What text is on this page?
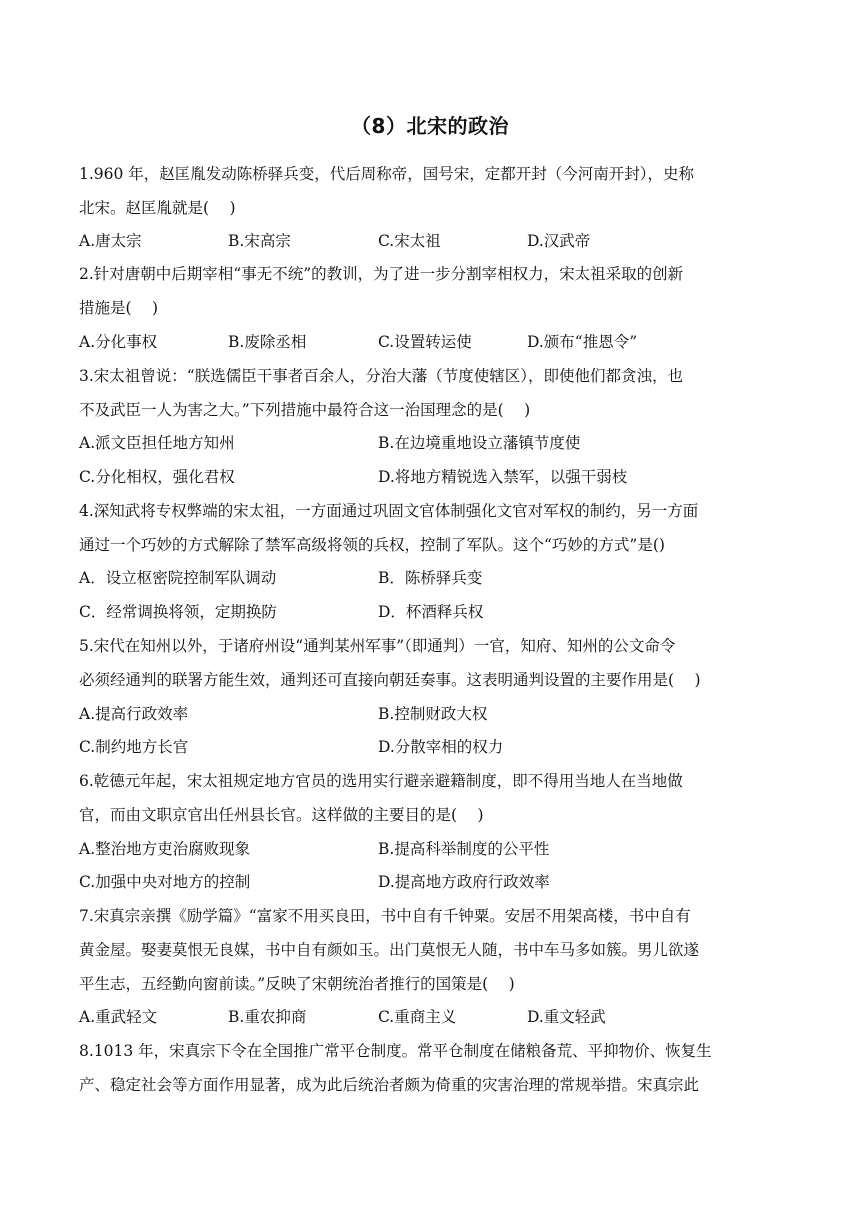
（8）北宋的政治
1.960 年，赵匡胤发动陈桥驿兵变，代后周称帝，国号宋，定都开封（今河南开封），史称
北宋。赵匡胤就是(　 )
A.唐太宗	B.宋高宗	C.宋太祖	D.汉武帝
2.针对唐朝中后期宰相“事无不统”的教训，为了进一步分割宰相权力，宋太祖采取的创新
措施是(　 )
A.分化事权	B.废除丞相	C.设置转运使	D.颁布“推恩令”
3.宋太祖曾说：“朕选儒臣干事者百余人，分治大藩（节度使辖区），即使他们都贪浊，也
不及武臣一人为害之大。”下列措施中最符合这一治国理念的是(　 )
A.派文臣担任地方知州	B.在边境重地设立藩镇节度使
C.分化相权，强化君权	D.将地方精锐选入禁军，以强干弱枝
4.深知武将专权弊端的宋太祖，一方面通过巩固文官体制强化文官对军权的制约，另一方面
通过一个巧妙的方式解除了禁军高级将领的兵权，控制了军队。这个“巧妙的方式”是()
A．设立枢密院控制军队调动	B．陈桥驿兵变
C．经常调换将领，定期换防	D．杯酒释兵权
5.宋代在知州以外，于诸府州设“通判某州军事”（即通判）一官，知府、知州的公文命令
必须经通判的联署方能生效，通判还可直接向朝廷奏事。这表明通判设置的主要作用是(　 )
A.提高行政效率	B.控制财政大权
C.制约地方长官	D.分散宰相的权力
6.乾德元年起，宋太祖规定地方官员的选用实行避亲避籍制度，即不得用当地人在当地做
官，而由文职京官出任州县长官。这样做的主要目的是(　 )
A.整治地方吏治腐败现象	B.提高科举制度的公平性
C.加强中央对地方的控制	D.提高地方政府行政效率
7.宋真宗亲撰《励学篇》“富家不用买良田，书中自有千钟粟。安居不用架高楼，书中自有
黄金屋。娶妻莫恨无良媒，书中自有颜如玉。出门莫恨无人随，书中车马多如簇。男儿欲遂
平生志，五经勤向窗前读。”反映了宋朝统治者推行的国策是(　 )
A.重武轻文	B.重农抑商	C.重商主义	D.重文轻武
8.1013 年，宋真宗下令在全国推广常平仓制度。常平仓制度在储粮备荒、平抑物价、恢复生
产、稳定社会等方面作用显著，成为此后统治者颇为倚重的灾害治理的常规举措。宋真宗此
